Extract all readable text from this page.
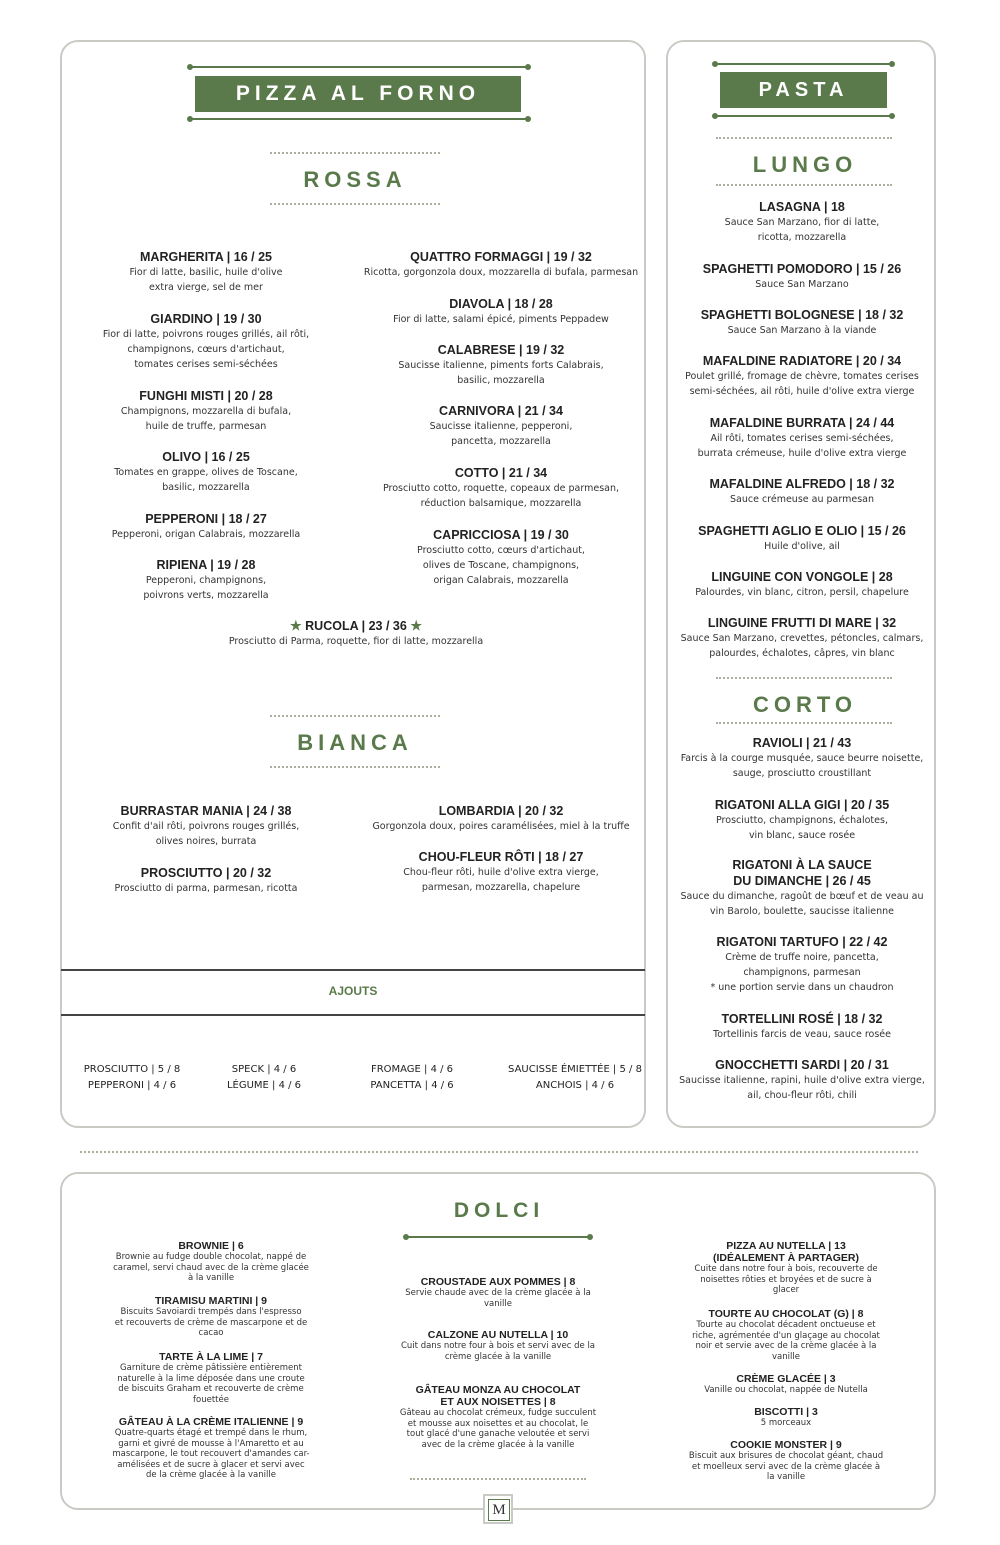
PIZZA AL FORNO
ROSSA
MARGHERITA | 16 / 25
Fior di latte, basilic, huile d'olive
extra vierge, sel de mer
GIARDINO | 19 / 30
Fior di latte, poivrons rouges grillés, ail rôti,
champignons, cœurs d'artichaut,
tomates cerises semi-séchées
FUNGHI MISTI | 20 / 28
Champignons, mozzarella di bufala,
huile de truffe, parmesan
OLIVO | 16 / 25
Tomates en grappe, olives de Toscane,
basilic, mozzarella
PEPPERONI | 18 / 27
Pepperoni, origan Calabrais, mozzarella
RIPIENA | 19 / 28
Pepperoni, champignons,
poivrons verts, mozzarella
QUATTRO FORMAGGI | 19 / 32
Ricotta, gorgonzola doux, mozzarella di bufala, parmesan
DIAVOLA | 18 / 28
Fior di latte, salami épicé, piments Peppadew
CALABRESE | 19 / 32
Saucisse italienne, piments forts Calabrais,
basilic, mozzarella
CARNIVORA | 21 / 34
Saucisse italienne, pepperoni,
pancetta, mozzarella
COTTO | 21 / 34
Prosciutto cotto, roquette, copeaux de parmesan,
réduction balsamique, mozzarella
CAPRICCIOSA | 19 / 30
Prosciutto cotto, cœurs d'artichaut,
olives de Toscane, champignons,
origan Calabrais, mozzarella
★ RUCOLA | 23 / 36 ★
Prosciutto di Parma, roquette, fior di latte, mozzarella
BIANCA
BURRASTAR MANIA | 24 / 38
Confit d'ail rôti, poivrons rouges grillés,
olives noires, burrata
PROSCIUTTO | 20 / 32
Prosciutto di parma, parmesan, ricotta
LOMBARDIA | 20 / 32
Gorgonzola doux, poires caramélisées, miel à la truffe
CHOU-FLEUR RÔTI | 18 / 27
Chou-fleur rôti, huile d'olive extra vierge,
parmesan, mozzarella, chapelure
AJOUTS
PROSCIUTTO | 5 / 8
PEPPERONI | 4 / 6
SPECK | 4 / 6
LÉGUME | 4 / 6
FROMAGE | 4 / 6
PANCETTA | 4 / 6
SAUCISSE ÉMIETTÉE | 5 / 8
ANCHOIS | 4 / 6
PASTA
LUNGO
LASAGNA | 18
Sauce San Marzano, fior di latte,
ricotta, mozzarella
SPAGHETTI POMODORO | 15 / 26
Sauce San Marzano
SPAGHETTI BOLOGNESE | 18 / 32
Sauce San Marzano à la viande
MAFALDINE RADIATORE | 20 / 34
Poulet grillé, fromage de chèvre, tomates cerises
semi-séchées, ail rôti, huile d'olive extra vierge
MAFALDINE BURRATA | 24 / 44
Ail rôti, tomates cerises semi-séchées,
burrata crémeuse, huile d'olive extra vierge
MAFALDINE ALFREDO | 18 / 32
Sauce crémeuse au parmesan
SPAGHETTI AGLIO E OLIO | 15 / 26
Huile d'olive, ail
LINGUINE CON VONGOLE | 28
Palourdes, vin blanc, citron, persil, chapelure
LINGUINE FRUTTI DI MARE | 32
Sauce San Marzano, crevettes, pétoncles, calmars,
palourdes, échalotes, câpres, vin blanc
CORTO
RAVIOLI | 21 / 43
Farcis à la courge musquée, sauce beurre noisette,
sauge, prosciutto croustillant
RIGATONI ALLA GIGI | 20 / 35
Prosciutto, champignons, échalotes,
vin blanc, sauce rosée
RIGATONI À LA SAUCE
DU DIMANCHE | 26 / 45
Sauce du dimanche, ragoût de bœuf et de veau au
vin Barolo, boulette, saucisse italienne
RIGATONI TARTUFO | 22 / 42
Crème de truffe noire, pancetta,
champignons, parmesan
* une portion servie dans un chaudron
TORTELLINI ROSÉ | 18 / 32
Tortellinis farcis de veau, sauce rosée
GNOCCHETTI SARDI | 20 / 31
Saucisse italienne, rapini, huile d'olive extra vierge,
ail, chou-fleur rôti, chili
DOLCI
BROWNIE | 6
Brownie au fudge double chocolat, nappé de
caramel, servi chaud avec de la crème glacée
à la vanille
TIRAMISU MARTINI | 9
Biscuits Savoiardi trempés dans l'espresso
et recouverts de crème de mascarpone et de
cacao
TARTE À LA LIME | 7
Garniture de crème pâtissière entièrement
naturelle à la lime déposée dans une croute
de biscuits Graham et recouverte de crème
fouettée
GÂTEAU À LA CRÈME ITALIENNE | 9
Quatre-quarts étagé et trempé dans le rhum,
garni et givré de mousse à l'Amaretto et au
mascarpone, le tout recouvert d'amandes car-
amélisées et de sucre à glacer et servi avec
de la crème glacée à la vanille
CROUSTADE AUX POMMES | 8
Servie chaude avec de la crème glacée à la
vanille
CALZONE AU NUTELLA | 10
Cuit dans notre four à bois et servi avec de la
crème glacée à la vanille
GÂTEAU MONZA AU CHOCOLAT
ET AUX NOISETTES | 8
Gâteau au chocolat crémeux, fudge succulent
et mousse aux noisettes et au chocolat, le
tout glacé d'une ganache veloutée et servi
avec de la crème glacée à la vanille
PIZZA AU NUTELLA | 13
(IDÉALEMENT À PARTAGER)
Cuite dans notre four à bois, recouverte de
noisettes rôties et broyées et de sucre à
glacer
TOURTE AU CHOCOLAT (G) | 8
Tourte au chocolat décadent onctueuse et
riche, agrémentée d'un glaçage au chocolat
noir et servie avec de la crème glacée à la
vanille
CRÈME GLACÉE | 3
Vanille ou chocolat, nappée de Nutella
BISCOTTI | 3
5 morceaux
COOKIE MONSTER | 9
Biscuit aux brisures de chocolat géant, chaud
et moelleux servi avec de la crème glacée à
la vanille
M
